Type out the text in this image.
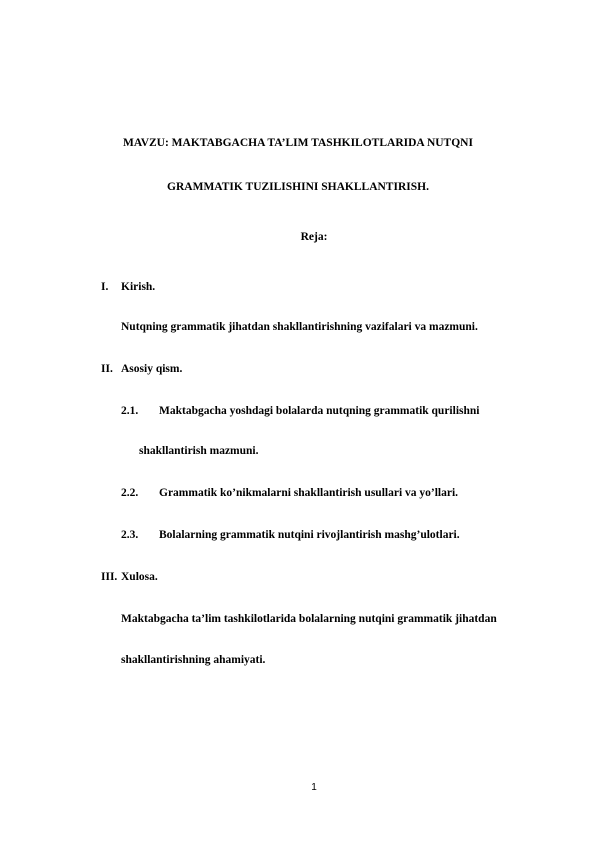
MAVZU: MAKTABGACHA TA’LIM TASHKILOTLARIDA NUTQNI
GRAMMATIK TUZILISHINI SHAKLLANTIRISH.
Reja:
I. Kirish.
Nutqning grammatik jihatdan shakllantirishning vazifalari va mazmuni.
II. Asosiy qism.
2.1. Maktabgacha yoshdagi bolalarda nutqning grammatik qurilishni
shakllantirish mazmuni.
2.2. Grammatik ko’nikmalarni shakllantirish usullari va yo’llari.
2.3. Bolalarning grammatik nutqini rivojlantirish mashg’ulotlari.
III. Xulosa.
Maktabgacha ta’lim tashkilotlarida bolalarning nutqini grammatik jihatdan
shakllantirishning ahamiyati.
1
